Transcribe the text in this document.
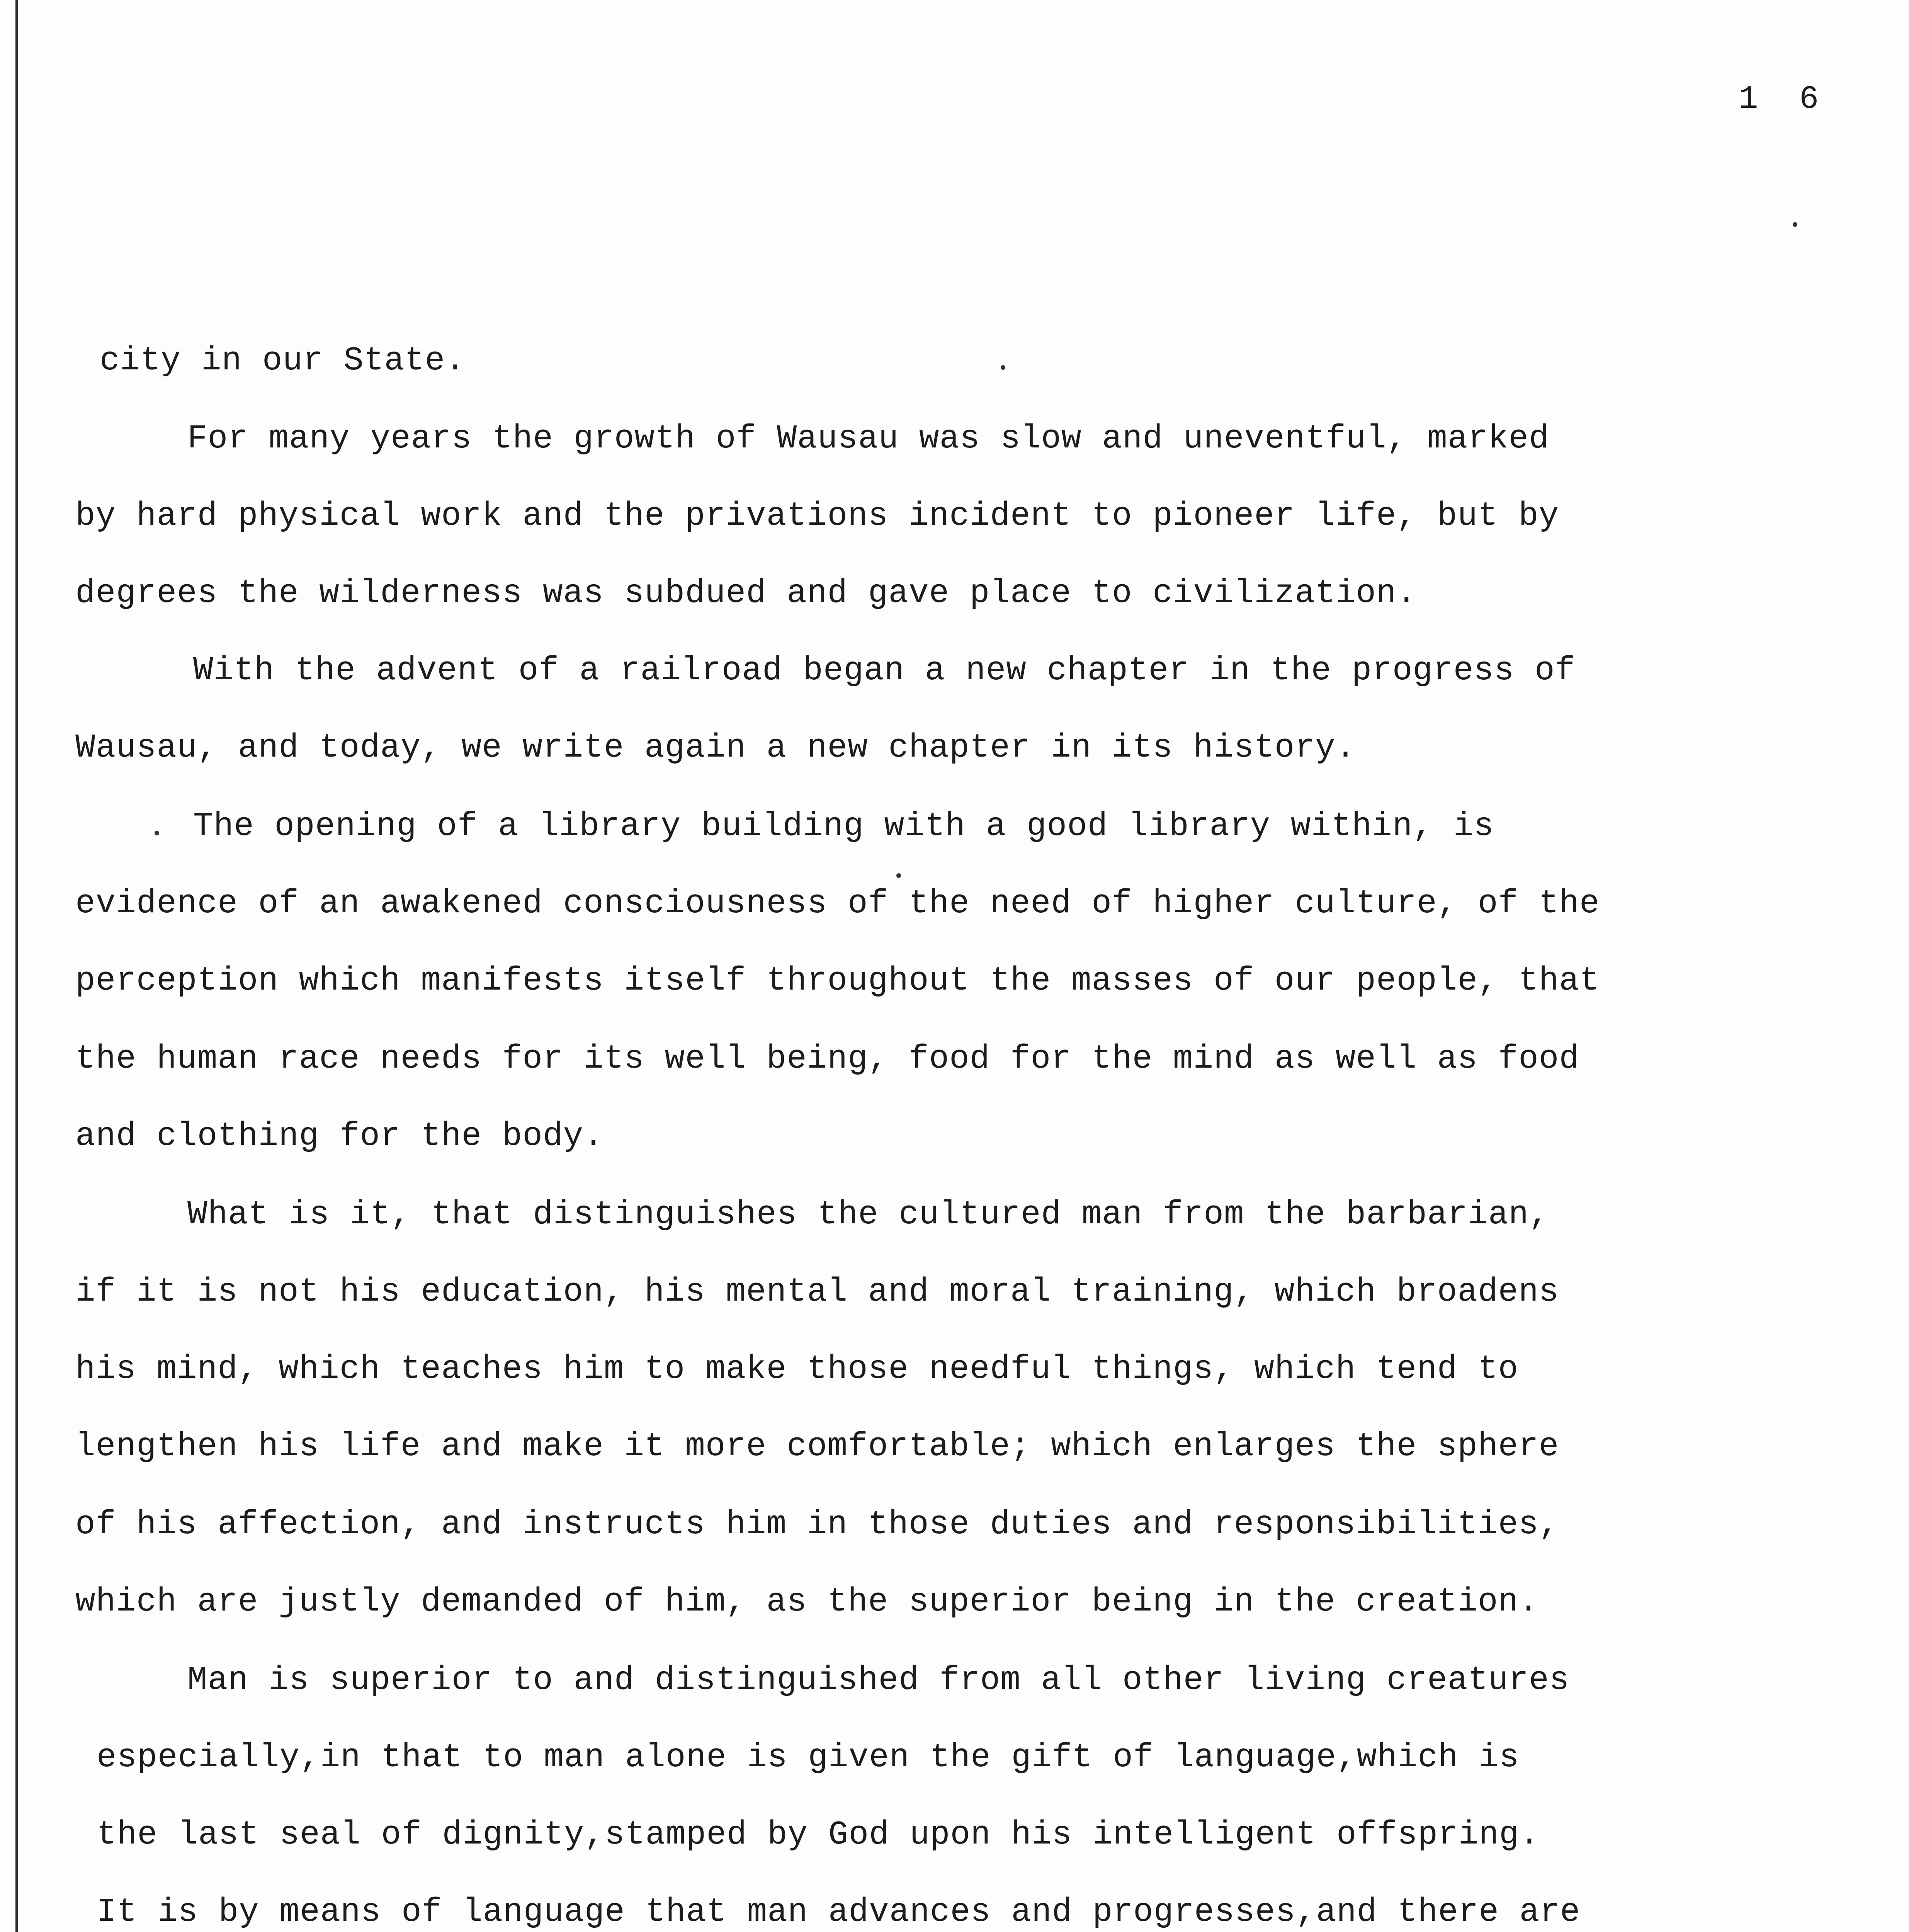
1 6
city in our State.
For many years the growth of Wausau was slow and uneventful, marked
by hard physical work and the privations incident to pioneer life, but by
degrees the wilderness was subdued and gave place to civilization.
With the advent of a railroad began a new chapter in the progress of
Wausau, and today, we write again a new chapter in its history.
The opening of a library building with a good library within, is
evidence of an awakened consciousness of the need of higher culture, of the
perception which manifests itself throughout the masses of our people, that
the human race needs for its well being, food for the mind as well as food
and clothing for the body.
What is it, that distinguishes the cultured man from the barbarian,
if it is not his education, his mental and moral training, which broadens
his mind, which teaches him to make those needful things, which tend to
lengthen his life and make it more comfortable; which enlarges the sphere
of his affection, and instructs him in those duties and responsibilities,
which are justly demanded of him, as the superior being in the creation.
Man is superior to and distinguished from all other living creatures
especially,in that to man alone is given the gift of language,which is
the last seal of dignity,stamped by God upon his intelligent offspring.
It is by means of language that man advances and progresses,and there are
